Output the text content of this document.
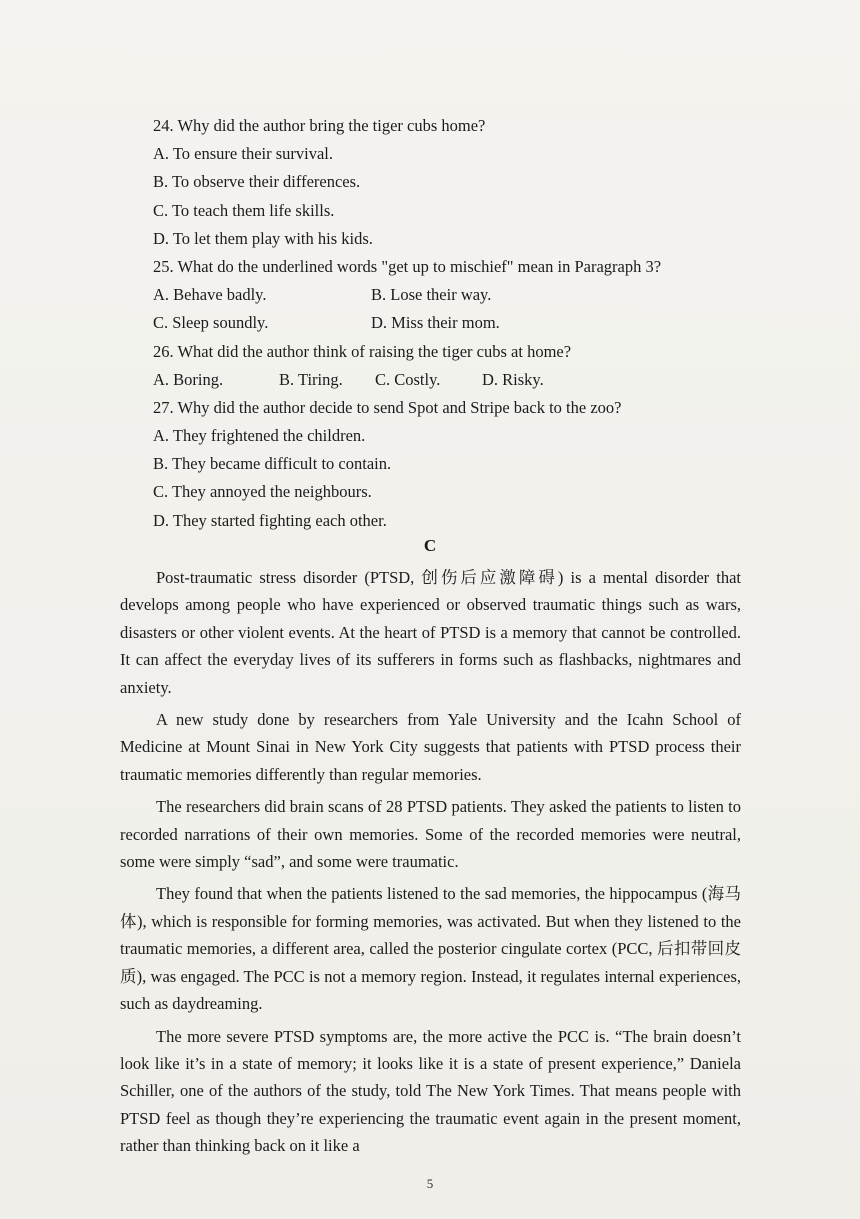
24. Why did the author bring the tiger cubs home?
A. To ensure their survival.
B. To observe their differences.
C. To teach them life skills.
D. To let them play with his kids.
25. What do the underlined words "get up to mischief" mean in Paragraph 3?
A. Behave badly.	B. Lose their way.
C. Sleep soundly.	D. Miss their mom.
26. What did the author think of raising the tiger cubs at home?
A. Boring.	B. Tiring.	C. Costly.	D. Risky.
27. Why did the author decide to send Spot and Stripe back to the zoo?
A. They frightened the children.
B. They became difficult to contain.
C. They annoyed the neighbours.
D. They started fighting each other.
C

Post-traumatic stress disorder (PTSD, 创伤后应激障碍) is a mental disorder that develops among people who have experienced or observed traumatic things such as wars, disasters or other violent events. At the heart of PTSD is a memory that cannot be controlled. It can affect the everyday lives of its sufferers in forms such as flashbacks, nightmares and anxiety.

A new study done by researchers from Yale University and the Icahn School of Medicine at Mount Sinai in New York City suggests that patients with PTSD process their traumatic memories differently than regular memories.

The researchers did brain scans of 28 PTSD patients. They asked the patients to listen to recorded narrations of their own memories. Some of the recorded memories were neutral, some were simply “sad”, and some were traumatic.

They found that when the patients listened to the sad memories, the hippocampus (海马体), which is responsible for forming memories, was activated. But when they listened to the traumatic memories, a different area, called the posterior cingulate cortex (PCC, 后扣带回皮质), was engaged. The PCC is not a memory region. Instead, it regulates internal experiences, such as daydreaming.

The more severe PTSD symptoms are, the more active the PCC is. “The brain doesn’t look like it’s in a state of memory; it looks like it is a state of present experience,” Daniela Schiller, one of the authors of the study, told The New York Times. That means people with PTSD feel as though they’re experiencing the traumatic event again in the present moment, rather than thinking back on it like a

5
